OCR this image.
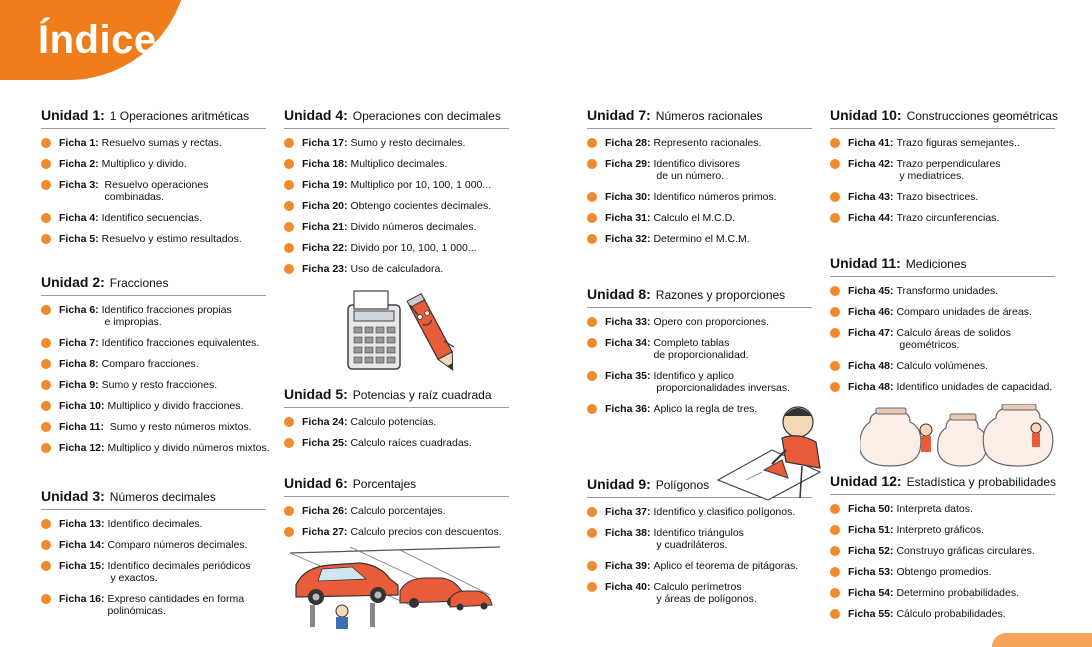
Índice
Unidad 1: 1 Operaciones aritméticas
Ficha 1: Resuelvo sumas y rectas.
Ficha 2: Multiplico y divido.
Ficha 3:  Resuelvo operaciones
combinadas.
Ficha 4: Identifico secuencias.
Ficha 5: Resuelvo y estimo resultados.
Unidad 2: Fracciones
Ficha 6: Identifico fracciones propias
e impropias.
Ficha 7: Identifico fracciones equivalentes.
Ficha 8: Comparo fracciones.
Ficha 9: Sumo y resto fracciones.
Ficha 10: Multiplico y divido fracciones.
Ficha 11:  Sumo y resto números mixtos.
Ficha 12: Multiplico y divido números mixtos.
Unidad 3: Números decimales
Ficha 13: Identifico decimales.
Ficha 14: Comparo números decimales.
Ficha 15: Identifico decimales periódicos
y exactos.
Ficha 16: Expreso cantidades en forma
polinómicas.
Unidad 4: Operaciones con decimales
Ficha 17: Sumo y resto decimales.
Ficha 18: Multiplico decimales.
Ficha 19: Multiplico por 10, 100, 1 000...
Ficha 20: Obtengo cocientes decimales.
Ficha 21: Divido números decimales.
Ficha 22: Divido por 10, 100, 1 000...
Ficha 23: Uso de calculadora.
Unidad 5: Potencias y raíz cuadrada
Ficha 24: Calculo potencias.
Ficha 25: Calculo raíces cuadradas.
Unidad 6: Porcentajes
Ficha 26: Calculo porcentajes.
Ficha 27: Calculo precios con descuentos.
Unidad 7: Números racionales
Ficha 28: Represento racionales.
Ficha 29: Identifico divisores
de un número.
Ficha 30: Identifico números primos.
Ficha 31: Calculo el M.C.D.
Ficha 32: Determino el M.C.M.
Unidad 8: Razones y proporciones
Ficha 33: Opero con proporciones.
Ficha 34: Completo tablas
de proporcionalidad.
Ficha 35: Identifico y aplico
proporcionalidades inversas.
Ficha 36: Aplico la regla de tres.
Unidad 9: Polígonos
Ficha 37: Identifico y clasifico polígonos.
Ficha 38: Identifico triángulos
y cuadriláteros.
Ficha 39: Aplico el teorema de pitágoras.
Ficha 40: Calculo perímetros
y áreas de polígonos.
Unidad 10: Construcciones geométricas
Ficha 41: Trazo figuras semejantes..
Ficha 42: Trazo perpendiculares
y mediatrices.
Ficha 43: Trazo bisectrices.
Ficha 44: Trazo circunferencias.
Unidad 11: Mediciones
Ficha 45: Transformo unidades.
Ficha 46: Comparo unidades de áreas.
Ficha 47: Calculo áreas de solidos
geométricos.
Ficha 48: Calculo volúmenes.
Ficha 48: Identifico unidades de capacidad.
Unidad 12: Estadística y probabilidades
Ficha 50: Interpreta datos.
Ficha 51: Interpreto gráficos.
Ficha 52: Construyo gráficas circulares.
Ficha 53: Obtengo promedios.
Ficha 54: Determino probabilidades.
Ficha 55: Cálculo probabilidades.
